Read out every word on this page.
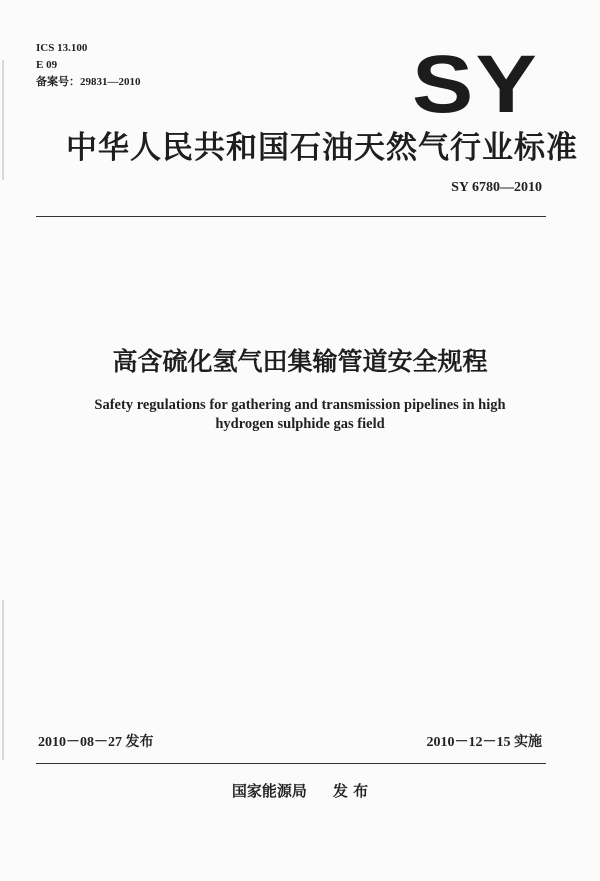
ICS 13.100
E 09
备案号：29831—2010	SY
中华人民共和国石油天然气行业标准
SY 6780—2010
高含硫化氢气田集输管道安全规程
Safety regulations for gathering and transmission pipelines in high
hydrogen sulphide gas field
2010－08－27 发布	2010－12－15 实施
国家能源局 发 布
